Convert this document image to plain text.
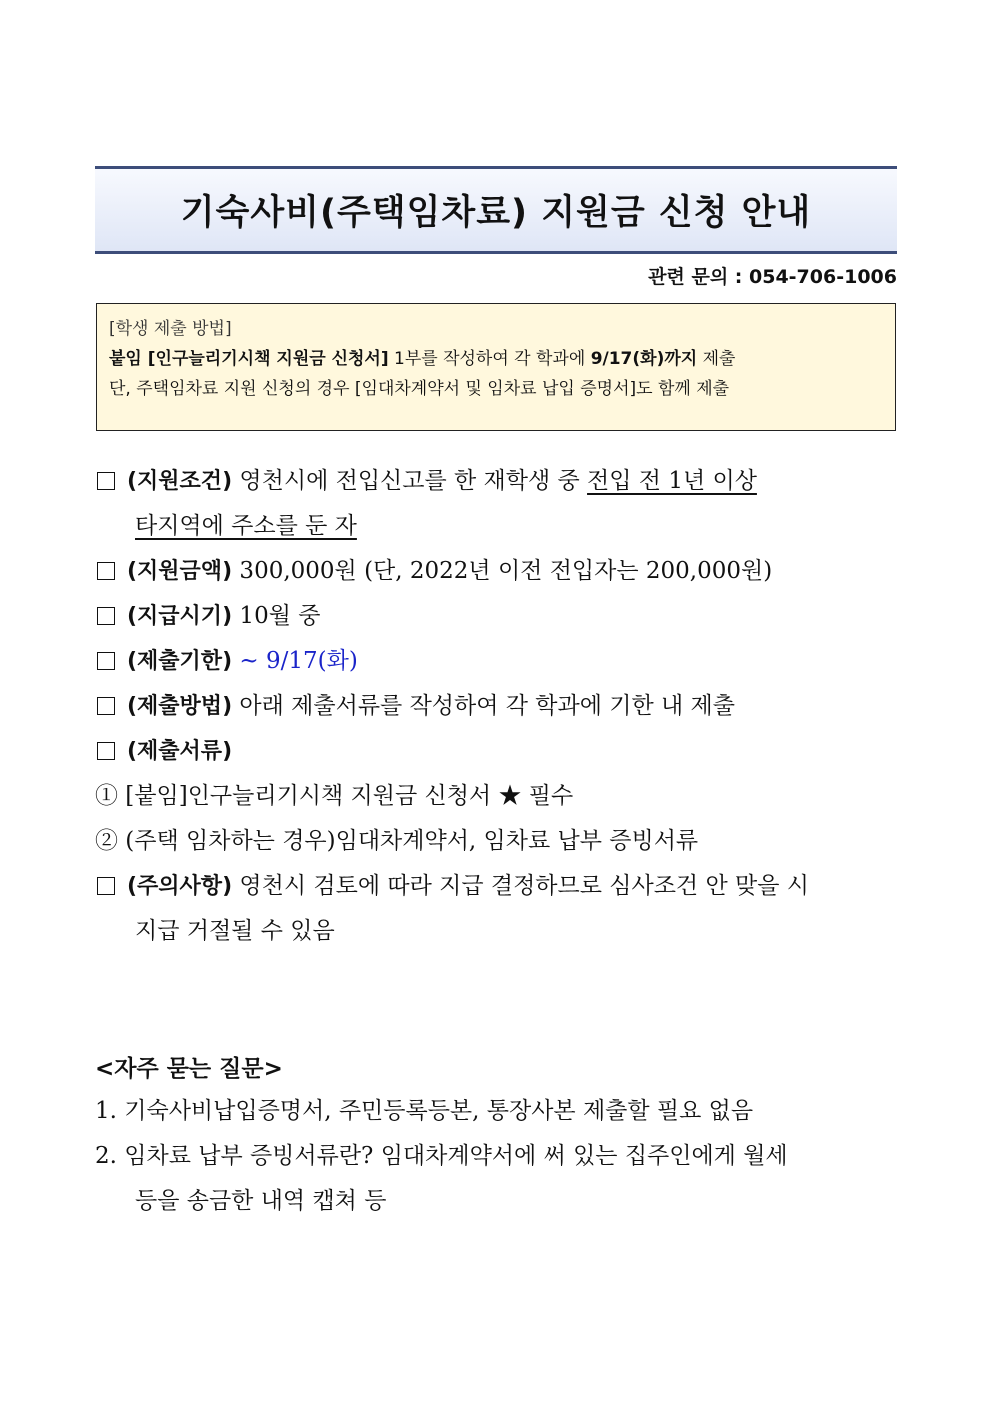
기숙사비(주택임차료) 지원금 신청 안내
관련 문의 : 054-706-1006
[학생 제출 방법]
붙임 [인구늘리기시책 지원금 신청서] 1부를 작성하여 각 학과에 9/17(화)까지 제출
단, 주택임차료 지원 신청의 경우 [임대차계약서 및 임차료 납입 증명서]도 함께 제출
(지원조건) 영천시에 전입신고를 한 재학생 중 전입 전 1년 이상
타지역에 주소를 둔 자
(지원금액) 300,000원 (단, 2022년 이전 전입자는 200,000원)
(지급시기) 10월 중
(제출기한) ~ 9/17(화)
(제출방법) 아래 제출서류를 작성하여 각 학과에 기한 내 제출
(제출서류)
① [붙임]인구늘리기시책 지원금 신청서 ★ 필수
② (주택 임차하는 경우)임대차계약서, 임차료 납부 증빙서류
(주의사항) 영천시 검토에 따라 지급 결정하므로 심사조건 안 맞을 시
지급 거절될 수 있음
<자주 묻는 질문>
1. 기숙사비납입증명서, 주민등록등본, 통장사본 제출할 필요 없음
2. 임차료 납부 증빙서류란? 임대차계약서에 써 있는 집주인에게 월세
등을 송금한 내역 캡쳐 등
